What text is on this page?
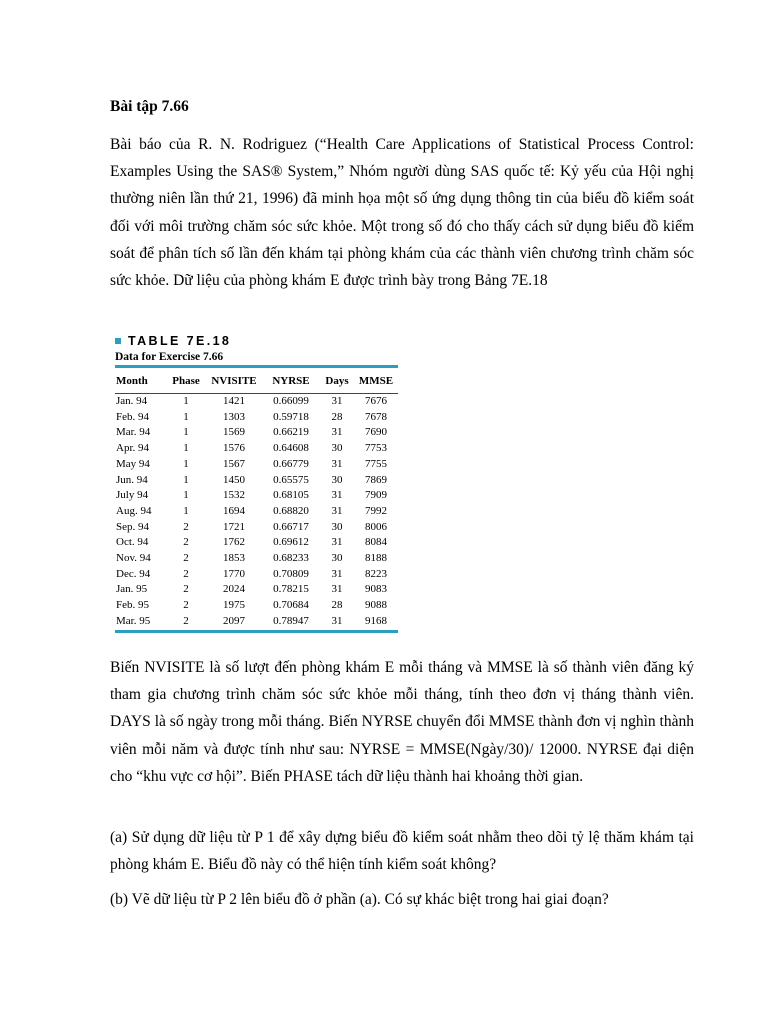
Bài tập 7.66

Bài báo của R. N. Rodriguez (“Health Care Applications of Statistical Process Control: Examples Using the SAS® System,” Nhóm người dùng SAS quốc tế: Kỷ yếu của Hội nghị thường niên lần thứ 21, 1996) đã minh họa một số ứng dụng thông tin của biểu đồ kiểm soát đối với môi trường chăm sóc sức khỏe. Một trong số đó cho thấy cách sử dụng biểu đồ kiểm soát để phân tích số lần đến khám tại phòng khám của các thành viên chương trình chăm sóc sức khỏe. Dữ liệu của phòng khám E được trình bày trong Bảng 7E.18

TABLE 7E.18
Data for Exercise 7.66
Month	Phase	NVISITE	NYRSE	Days	MMSE
Jan. 94	1	1421	0.66099	31	7676
Feb. 94	1	1303	0.59718	28	7678
Mar. 94	1	1569	0.66219	31	7690
Apr. 94	1	1576	0.64608	30	7753
May 94	1	1567	0.66779	31	7755
Jun. 94	1	1450	0.65575	30	7869
July 94	1	1532	0.68105	31	7909
Aug. 94	1	1694	0.68820	31	7992
Sep. 94	2	1721	0.66717	30	8006
Oct. 94	2	1762	0.69612	31	8084
Nov. 94	2	1853	0.68233	30	8188
Dec. 94	2	1770	0.70809	31	8223
Jan. 95	2	2024	0.78215	31	9083
Feb. 95	2	1975	0.70684	28	9088
Mar. 95	2	2097	0.78947	31	9168

Biến NVISITE là số lượt đến phòng khám E mỗi tháng và MMSE là số thành viên đăng ký tham gia chương trình chăm sóc sức khỏe mỗi tháng, tính theo đơn vị tháng thành viên. DAYS là số ngày trong mỗi tháng. Biến NYRSE chuyển đổi MMSE thành đơn vị nghìn thành viên mỗi năm và được tính như sau: NYRSE = MMSE(Ngày/30)/ 12000. NYRSE đại diện cho “khu vực cơ hội”. Biến PHASE tách dữ liệu thành hai khoảng thời gian.

(a) Sử dụng dữ liệu từ P 1 để xây dựng biểu đồ kiểm soát nhằm theo dõi tỷ lệ thăm khám tại phòng khám E. Biểu đồ này có thể hiện tính kiểm soát không?

(b) Vẽ dữ liệu từ P 2 lên biểu đồ ở phần (a). Có sự khác biệt trong hai giai đoạn?
